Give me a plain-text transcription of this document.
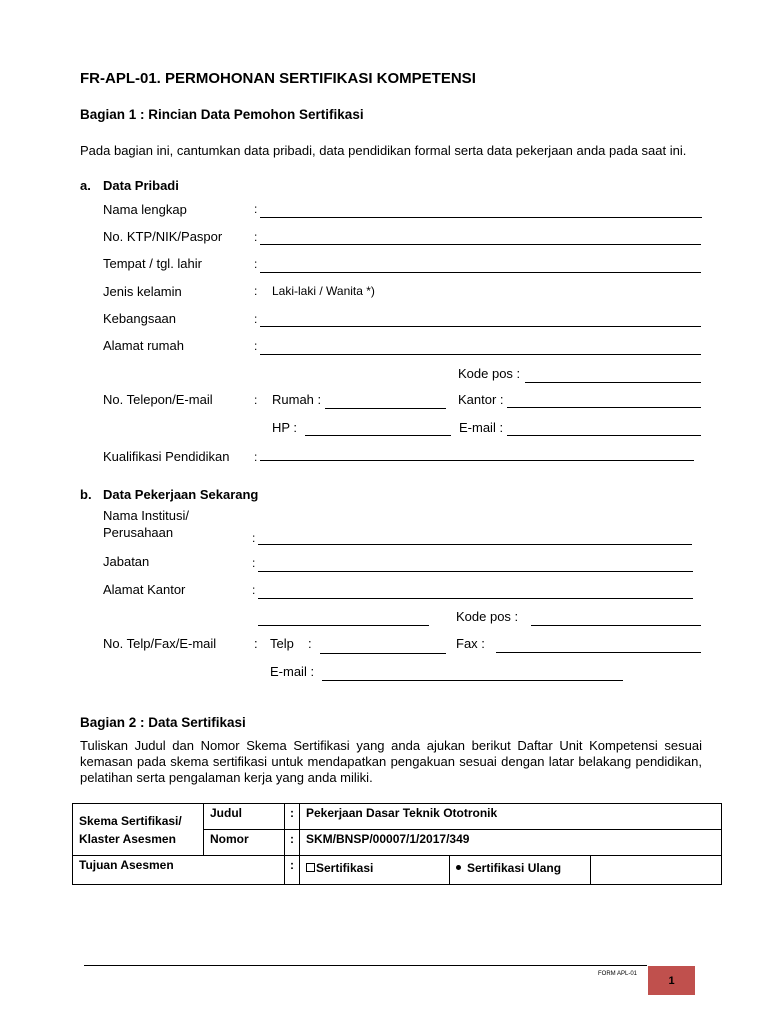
FR-APL-01. PERMOHONAN SERTIFIKASI KOMPETENSI
Bagian 1 : Rincian Data Pemohon Sertifikasi
Pada bagian ini, cantumkan data pribadi, data pendidikan formal serta data pekerjaan anda pada saat ini.
a. Data Pribadi
Nama lengkap	:
No. KTP/NIK/Paspor	:
Tempat / tgl. lahir	:
Jenis kelamin	: Laki-laki / Wanita *)
Kebangsaan	:
Alamat rumah	:
Kode pos :
No. Telepon/E-mail	: Rumah :	Kantor :
HP :	E-mail :
Kualifikasi Pendidikan :
b. Data Pekerjaan Sekarang
Nama Institusi/
Perusahaan	:
Jabatan	:
Alamat Kantor	:
Kode pos :
No. Telp/Fax/E-mail	: Telp :	Fax :
E-mail :
Bagian 2 : Data Sertifikasi
Tuliskan Judul dan Nomor Skema Sertifikasi yang anda ajukan berikut Daftar Unit Kompetensi sesuai kemasan pada skema sertifikasi untuk mendapatkan pengakuan sesuai dengan latar belakang pendidikan, pelatihan serta pengalaman kerja yang anda miliki.
Skema Sertifikasi/
Klaster Asesmen	Judul	:	Pekerjaan Dasar Teknik Ototronik		
	Nomor	:	SKM/BNSP/00007/1/2017/349		
Tujuan Asesmen		:	Sertifikasi	Sertifikasi Ulang	
FORM APL-01
1
